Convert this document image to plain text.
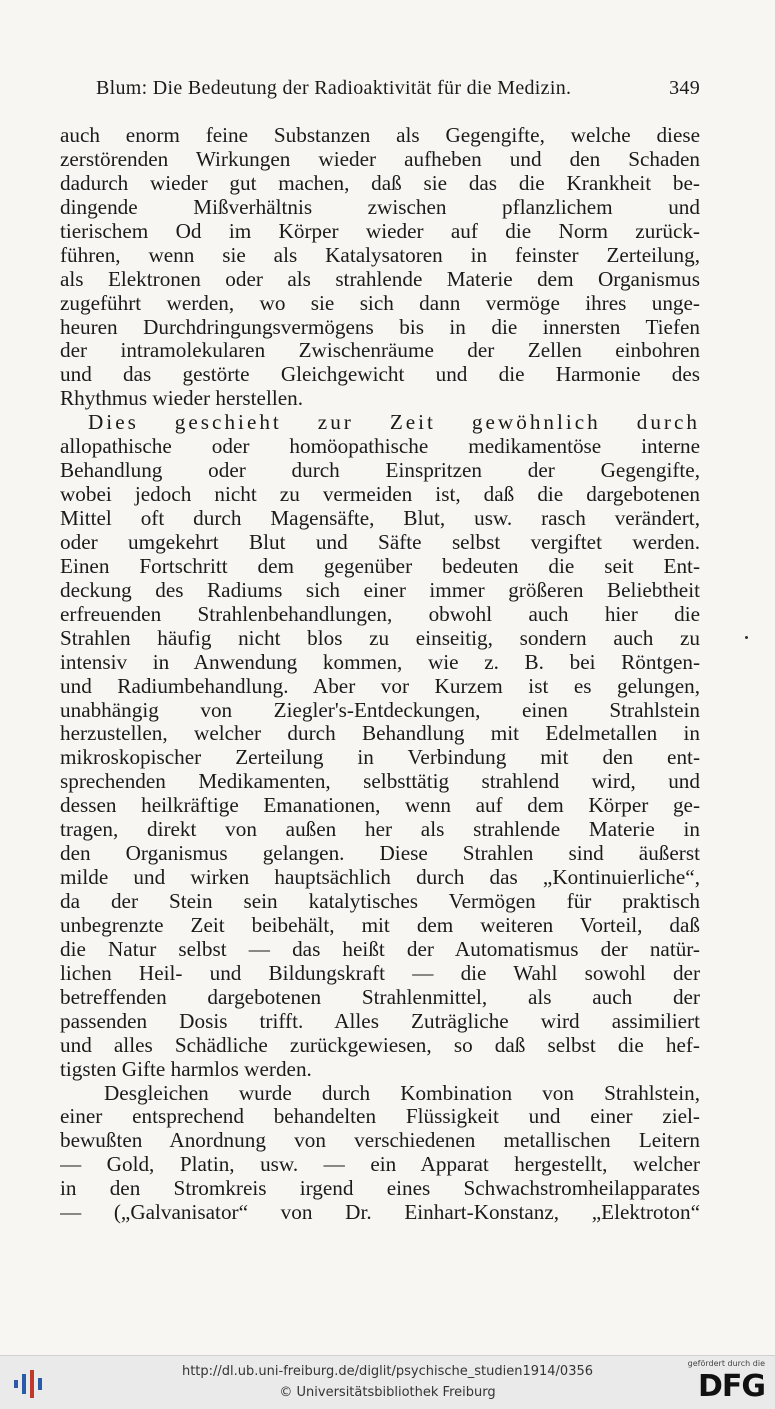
Blum: Die Bedeutung der Radioaktivität für die Medizin.	349
auch enorm feine Substanzen als Gegengifte, welche diese
zerstörenden Wirkungen wieder aufheben und den Schaden
dadurch wieder gut machen, daß sie das die Krankheit be-
dingende Mißverhältnis zwischen pflanzlichem und
tierischem Od im Körper wieder auf die Norm zurück-
führen, wenn sie als Katalysatoren in feinster Zerteilung,
als Elektronen oder als strahlende Materie dem Organismus
zugeführt werden, wo sie sich dann vermöge ihres unge-
heuren Durchdringungsvermögens bis in die innersten Tiefen
der intramolekularen Zwischenräume der Zellen einbohren
und das gestörte Gleichgewicht und die Harmonie des
Rhythmus wieder herstellen.
Dies geschieht zur Zeit gewöhnlich durch
allopathische oder homöopathische medikamentöse interne
Behandlung oder durch Einspritzen der Gegengifte,
wobei jedoch nicht zu vermeiden ist, daß die dargebotenen
Mittel oft durch Magensäfte, Blut, usw. rasch verändert,
oder umgekehrt Blut und Säfte selbst vergiftet werden.
Einen Fortschritt dem gegenüber bedeuten die seit Ent-
deckung des Radiums sich einer immer größeren Beliebtheit
erfreuenden Strahlenbehandlungen, obwohl auch hier die
Strahlen häufig nicht blos zu einseitig, sondern auch zu
intensiv in Anwendung kommen, wie z. B. bei Röntgen-
und Radiumbehandlung. Aber vor Kurzem ist es gelungen,
unabhängig von Ziegler's-Entdeckungen, einen Strahlstein
herzustellen, welcher durch Behandlung mit Edelmetallen in
mikroskopischer Zerteilung in Verbindung mit den ent-
sprechenden Medikamenten, selbsttätig strahlend wird, und
dessen heilkräftige Emanationen, wenn auf dem Körper ge-
tragen, direkt von außen her als strahlende Materie in
den Organismus gelangen. Diese Strahlen sind äußerst
milde und wirken hauptsächlich durch das „Kontinuierliche“,
da der Stein sein katalytisches Vermögen für praktisch
unbegrenzte Zeit beibehält, mit dem weiteren Vorteil, daß
die Natur selbst — das heißt der Automatismus der natür-
lichen Heil- und Bildungskraft — die Wahl sowohl der
betreffenden dargebotenen Strahlenmittel, als auch der
passenden Dosis trifft. Alles Zuträgliche wird assimiliert
und alles Schädliche zurückgewiesen, so daß selbst die hef-
tigsten Gifte harmlos werden.
Desgleichen wurde durch Kombination von Strahlstein,
einer entsprechend behandelten Flüssigkeit und einer ziel-
bewußten Anordnung von verschiedenen metallischen Leitern
— Gold, Platin, usw. — ein Apparat hergestellt, welcher
in den Stromkreis irgend eines Schwachstromheilapparates
— („Galvanisator“ von Dr. Einhart-Konstanz, „Elektroton“
http://dl.ub.uni-freiburg.de/diglit/psychische_studien1914/0356
© Universitätsbibliothek Freiburg
gefördert durch die
DFG
